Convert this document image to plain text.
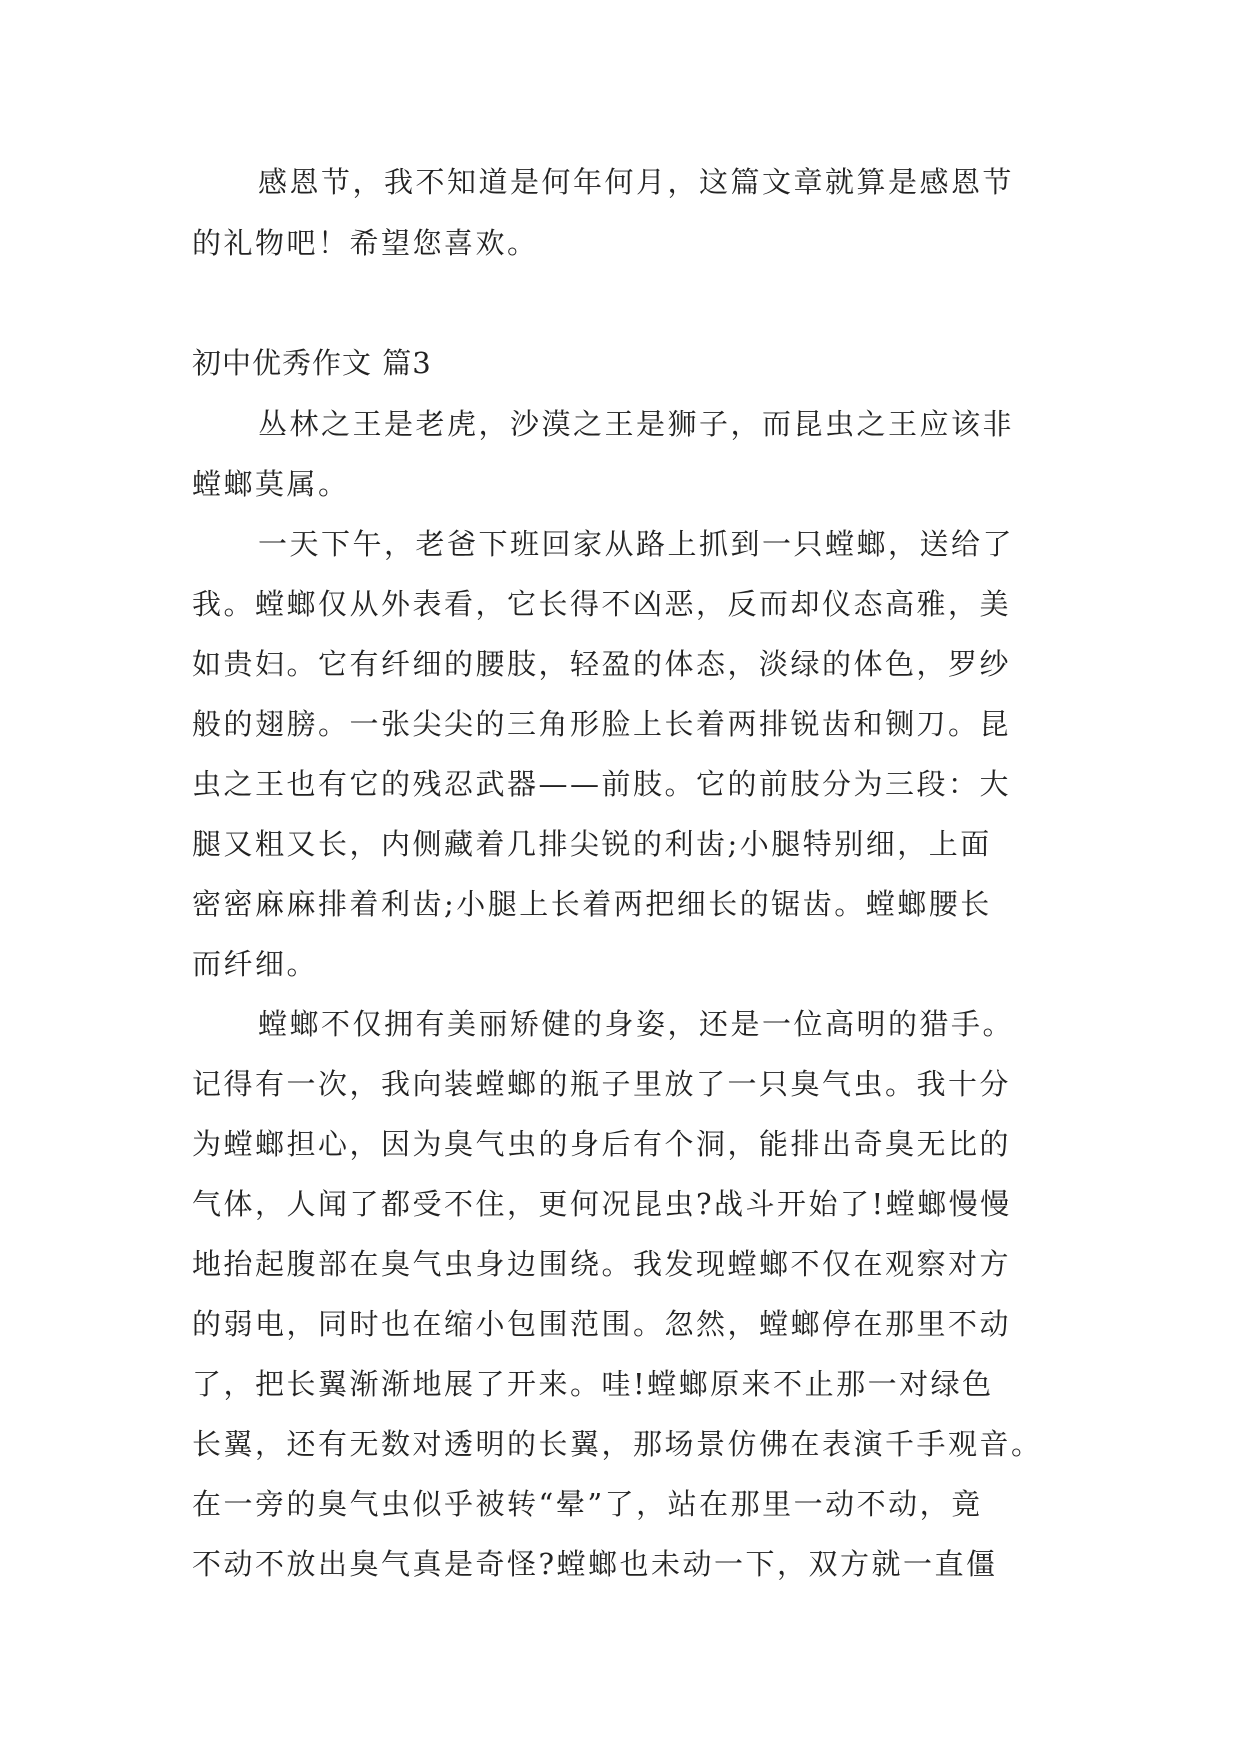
感恩节，我不知道是何年何月，这篇文章就算是感恩节
的礼物吧！希望您喜欢。
初中优秀作文 篇3
丛林之王是老虎，沙漠之王是狮子，而昆虫之王应该非
螳螂莫属。
一天下午，老爸下班回家从路上抓到一只螳螂，送给了
我。螳螂仅从外表看，它长得不凶恶，反而却仪态高雅，美
如贵妇。它有纤细的腰肢，轻盈的体态，淡绿的体色，罗纱
般的翅膀。一张尖尖的三角形脸上长着两排锐齿和铡刀。昆
虫之王也有它的残忍武器——前肢。它的前肢分为三段：大
腿又粗又长，内侧藏着几排尖锐的利齿;小腿特别细，上面
密密麻麻排着利齿;小腿上长着两把细长的锯齿。螳螂腰长
而纤细。
螳螂不仅拥有美丽矫健的身姿，还是一位高明的猎手。
记得有一次，我向装螳螂的瓶子里放了一只臭气虫。我十分
为螳螂担心，因为臭气虫的身后有个洞，能排出奇臭无比的
气体，人闻了都受不住，更何况昆虫?战斗开始了!螳螂慢慢
地抬起腹部在臭气虫身边围绕。我发现螳螂不仅在观察对方
的弱电，同时也在缩小包围范围。忽然，螳螂停在那里不动
了，把长翼渐渐地展了开来。哇!螳螂原来不止那一对绿色
长翼，还有无数对透明的长翼，那场景仿佛在表演千手观音。
在一旁的臭气虫似乎被转“晕”了，站在那里一动不动，竟
不动不放出臭气真是奇怪?螳螂也未动一下，双方就一直僵
